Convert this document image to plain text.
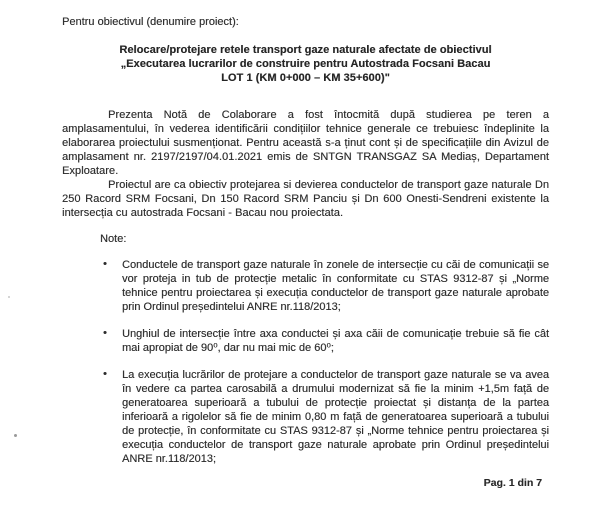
Pentru obiectivul (denumire proiect):

Relocare/protejare retele transport gaze naturale afectate de obiectivul
„Executarea lucrarilor de construire pentru Autostrada Focsani Bacau
LOT 1 (KM 0+000 – KM 35+600)"

Prezenta Notă de Colaborare a fost întocmită după studierea pe teren a amplasamentului, în vederea identificării condițiilor tehnice generale ce trebuiesc îndeplinite la elaborarea proiectului susmenționat. Pentru această s-a ținut cont și de specificațiile din Avizul de amplasament nr. 2197/2197/04.01.2021 emis de SNTGN TRANSGAZ SA Mediaș, Departament Exploatare.

Proiectul are ca obiectiv protejarea si devierea conductelor de transport gaze naturale Dn 250 Racord SRM Focsani, Dn 150 Racord SRM Panciu și Dn 600 Onesti-Sendreni existente la intersecția cu autostrada Focsani - Bacau nou proiectata.

Note:

• Conductele de transport gaze naturale în zonele de intersecție cu căi de comunicații se vor proteja in tub de protecție metalic în conformitate cu STAS 9312-87 și „Norme tehnice pentru proiectarea și execuția conductelor de transport gaze naturale aprobate prin Ordinul președintelui ANRE nr.118/2013;
• Unghiul de intersecție între axa conductei și axa căii de comunicație trebuie să fie cât mai apropiat de 90⁰, dar nu mai mic de 60⁰;
• La execuția lucrărilor de protejare a conductelor de transport gaze naturale se va avea în vedere ca partea carosabilă a drumului modernizat să fie la minim +1,5m față de generatoarea superioară a tubului de protecție proiectat și distanța de la partea inferioară a rigolelor să fie de minim 0,80 m față de generatoarea superioară a tubului de protecție, în conformitate cu STAS 9312-87 și „Norme tehnice pentru proiectarea și execuția conductelor de transport gaze naturale aprobate prin Ordinul președintelui ANRE nr.118/2013;
Pag. 1 din 7
